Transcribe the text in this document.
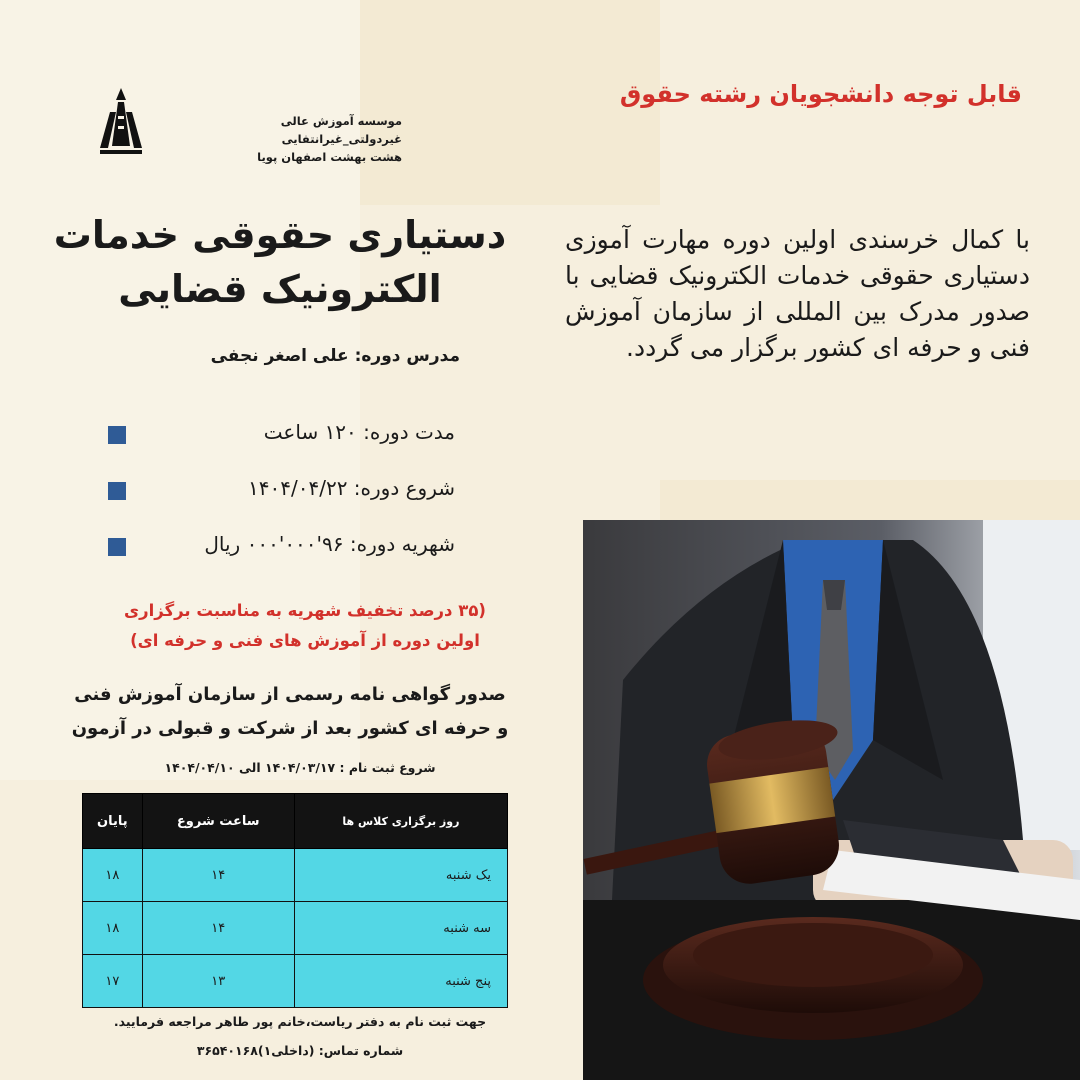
موسسه آموزش عالی غیردولتی_غیرانتفایی
هشت بهشت اصفهان پویا
قابل توجه دانشجویان رشته حقوق
دستیاری حقوقی خدمات
الکترونیک قضایی
مدرس دوره: علی اصغر نجفی
مدت دوره: ۱۲۰ ساعت
شروع دوره: ۱۴۰۴/۰۴/۲۲
شهریه دوره: ۹۶'۰۰۰'۰۰۰ ریال
(۳۵ درصد تخفیف شهریه به مناسبت برگزاری
اولین دوره از آموزش های فنی و حرفه ای)
صدور گواهی نامه رسمی از سازمان آموزش فنی
و حرفه ای کشور بعد از شرکت و قبولی در آزمون
شروع ثبت نام : ۱۴۰۴/۰۳/۱۷ الی ۱۴۰۴/۰۴/۱۰
روز برگزاری کلاس ها	ساعت شروع	پایان
یک شنبه	۱۴	۱۸
سه شنبه	۱۴	۱۸
پنج شنبه	۱۳	۱۷
جهت ثبت نام به دفتر ریاست،خانم پور طاهر مراجعه فرمایید.
شماره تماس: (داخلی۱)۳۶۵۴۰۱۶۸
با کمال خرسندی اولین دوره مهارت آموزی دستیاری حقوقی خدمات الکترونیک قضایی با صدور مدرک بین المللی از سازمان آموزش فنی و حرفه ای کشور برگزار می گردد.
